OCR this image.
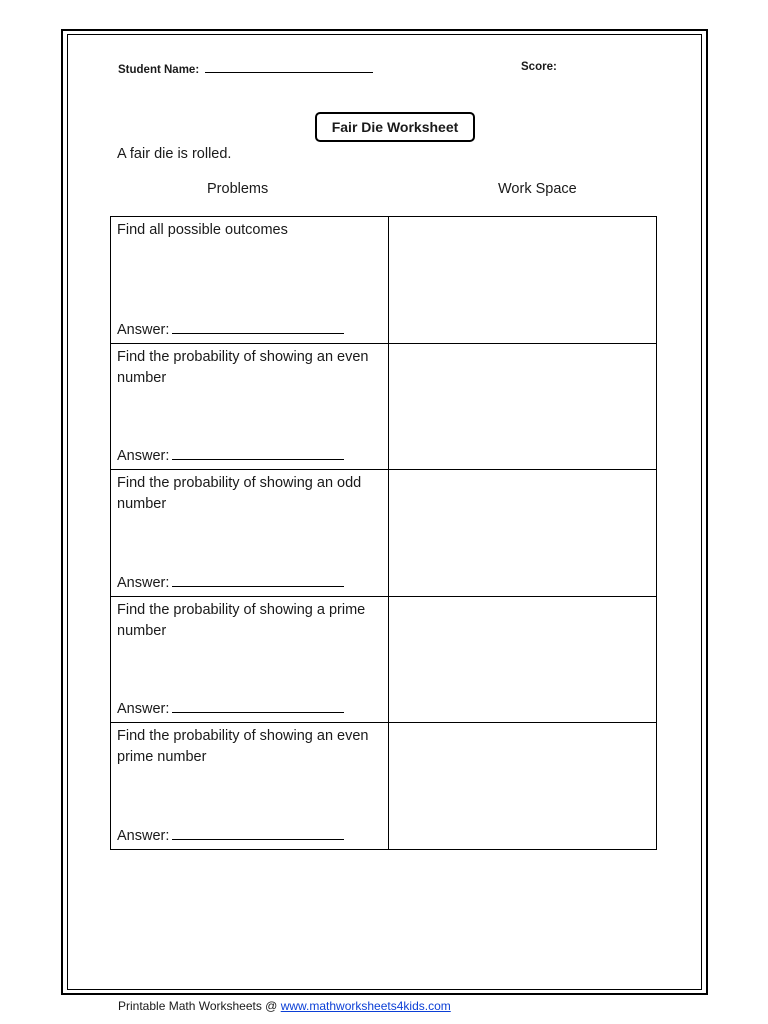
Student Name:	Score:
Fair Die Worksheet
A fair die is rolled.
Problems	Work Space
Find all possible outcomes
Answer:	

Find the probability of showing an even number
Answer:	

Find the probability of showing an odd number
Answer:	

Find the probability of showing a prime number
Answer:	

Find the probability of showing an even prime number
Answer:	

Printable Math Worksheets @ www.mathworksheets4kids.com
